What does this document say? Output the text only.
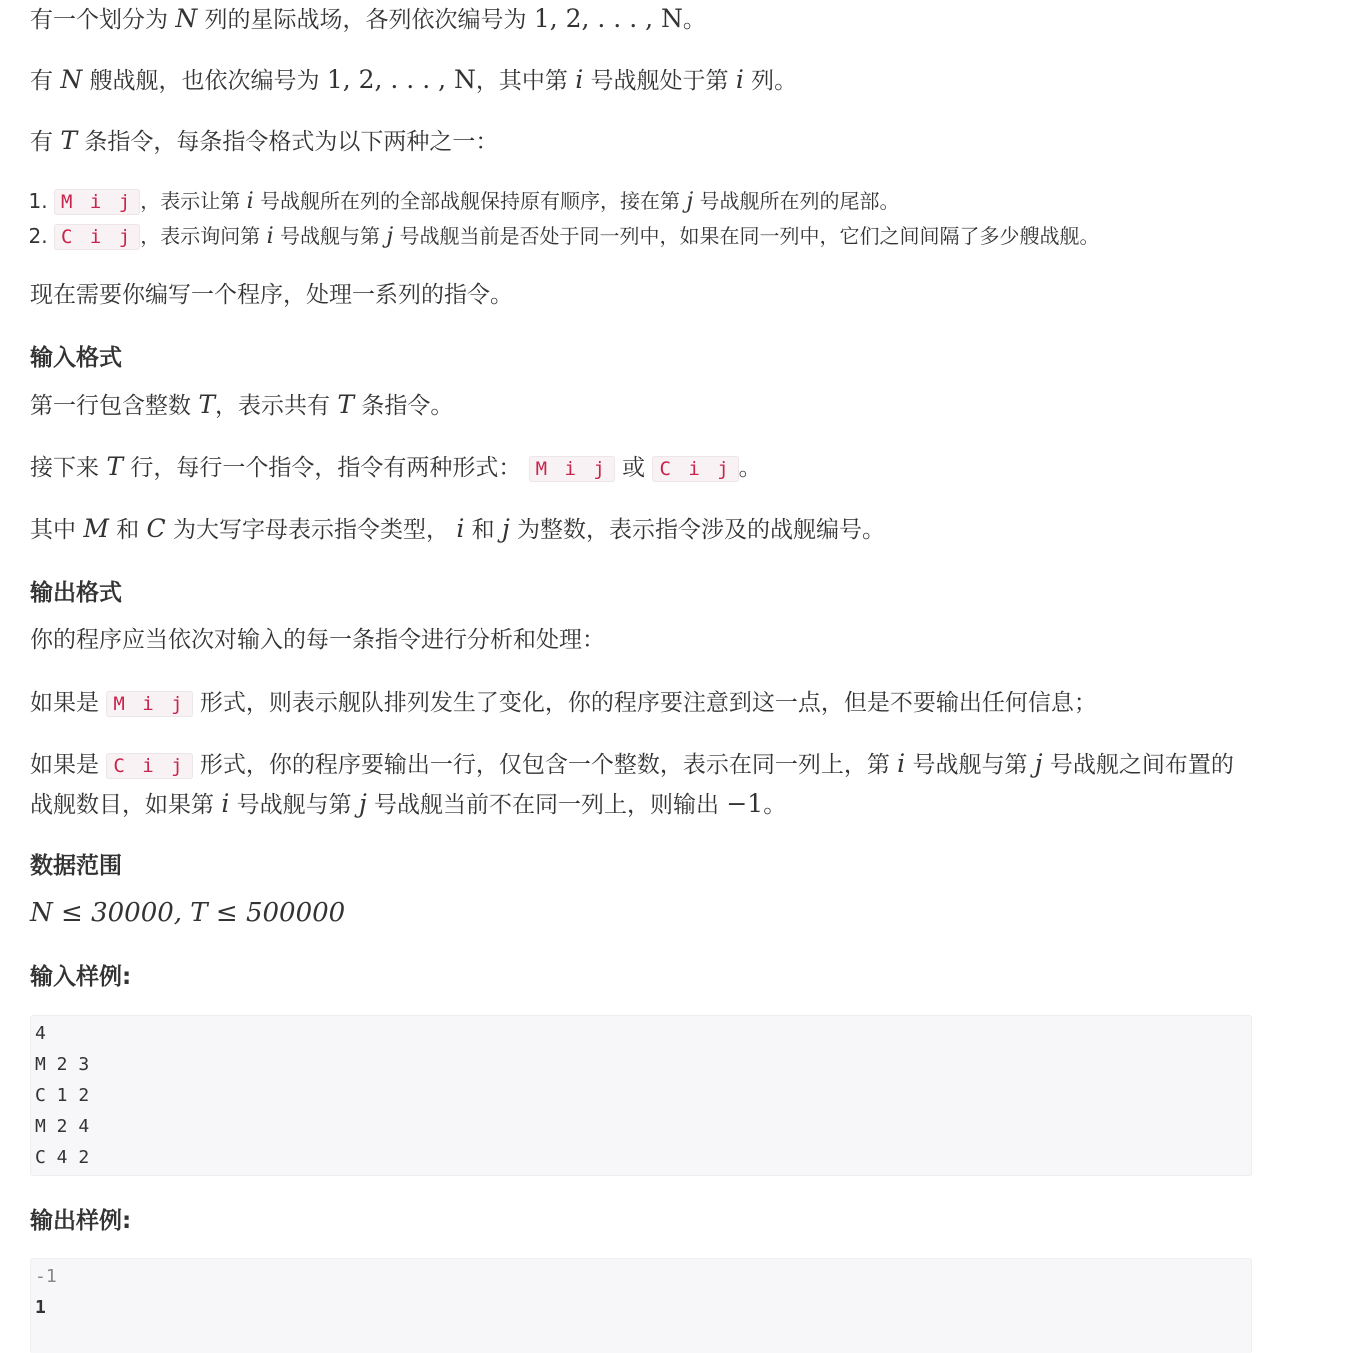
有一个划分为 N 列的星际战场，各列依次编号为 1, 2, . . . , N。

有 N 艘战舰，也依次编号为 1, 2, . . . , N，其中第 i 号战舰处于第 i 列。

有 T 条指令，每条指令格式为以下两种之一：

1. M i j ，表示让第 i 号战舰所在列的全部战舰保持原有顺序，接在第 j 号战舰所在列的尾部。
2. C i j ，表示询问第 i 号战舰与第 j 号战舰当前是否处于同一列中，如果在同一列中，它们之间间隔了多少艘战舰。

现在需要你编写一个程序，处理一系列的指令。

输入格式

第一行包含整数 T，表示共有 T 条指令。

接下来 T 行，每行一个指令，指令有两种形式： M i j 或 C i j 。

其中 M 和 C 为大写字母表示指令类型， i 和 j 为整数，表示指令涉及的战舰编号。

输出格式

你的程序应当依次对输入的每一条指令进行分析和处理：

如果是 M i j 形式，则表示舰队排列发生了变化，你的程序要注意到这一点，但是不要输出任何信息；

如果是 C i j 形式，你的程序要输出一行，仅包含一个整数，表示在同一列上，第 i 号战舰与第 j 号战舰之间布置的战舰数目，如果第 i 号战舰与第 j 号战舰当前不在同一列上，则输出 −1。

数据范围

N ≤ 30000, T ≤ 500000

输入样例:
4
M 2 3
C 1 2
M 2 4
C 4 2
输出样例:
-1
1
